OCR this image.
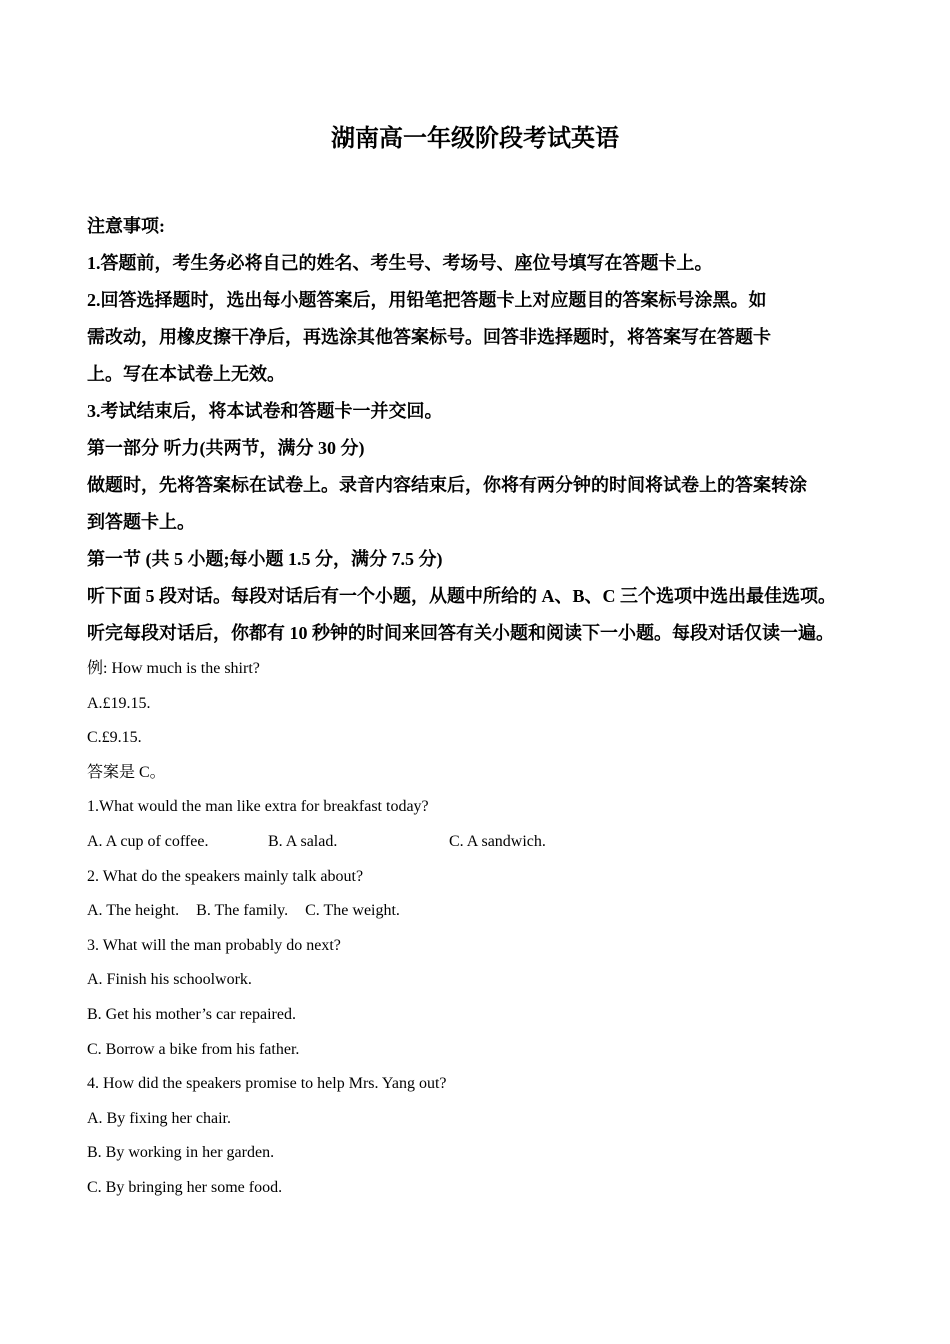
湖南高一年级阶段考试英语

注意事项:

1.答题前，考生务必将自己的姓名、考生号、考场号、座位号填写在答题卡上。

2.回答选择题时，选出每小题答案后，用铅笔把答题卡上对应题目的答案标号涂黑。如

需改动，用橡皮擦干净后，再选涂其他答案标号。回答非选择题时，将答案写在答题卡

上。写在本试卷上无效。

3.考试结束后，将本试卷和答题卡一并交回。

第一部分 听力(共两节，满分 30 分)

做题时，先将答案标在试卷上。录音内容结束后，你将有两分钟的时间将试卷上的答案转涂

到答题卡上。

第一节 (共 5 小题;每小题 1.5 分，满分 7.5 分)

听下面 5 段对话。每段对话后有一个小题，从题中所给的 A、B、C 三个选项中选出最佳选项。

听完每段对话后，你都有 10 秒钟的时间来回答有关小题和阅读下一小题。每段对话仅读一遍。

例: How much is the shirt?

A.£19.15.

C.£9.15.

答案是 C。

1.What would the man like extra for breakfast today?

A. A cup of coffee.	B. A salad.	C. A sandwich.

2. What do the speakers mainly talk about?

A. The height. B. The family. C. The weight.

3. What will the man probably do next?

A. Finish his schoolwork.

B. Get his mother’s car repaired.

C. Borrow a bike from his father.

4. How did the speakers promise to help Mrs. Yang out?

A. By fixing her chair.

B. By working in her garden.

C. By bringing her some food.
